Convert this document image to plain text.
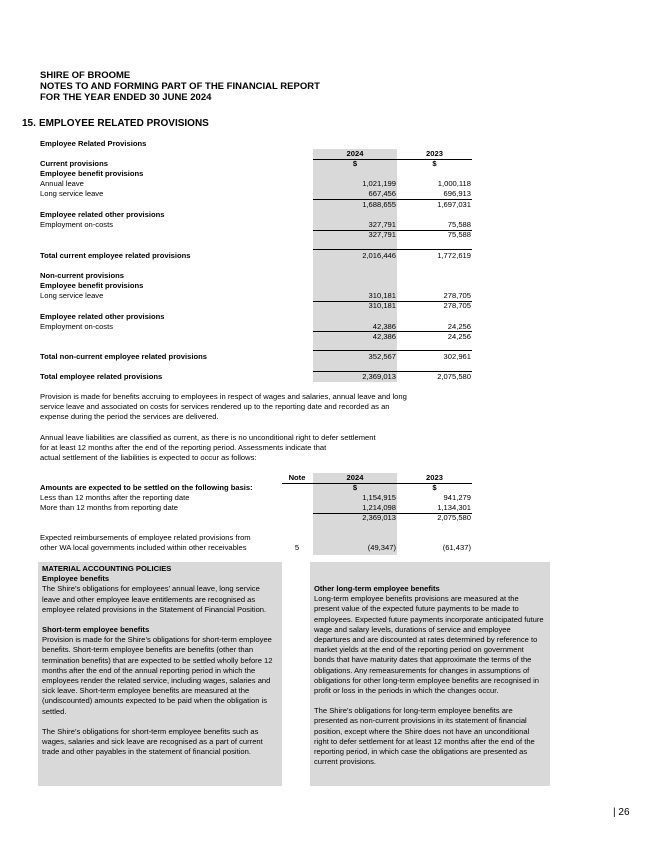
SHIRE OF BROOME
NOTES TO AND FORMING PART OF THE FINANCIAL REPORT
FOR THE YEAR ENDED 30 JUNE 2024
15. EMPLOYEE RELATED PROVISIONS
Employee Related Provisions
2024	2023
$	$
Current provisions
Employee benefit provisions
Annual leave	1,021,199	1,000,118
Long service leave	667,456	696,913
1,688,655	1,697,031
Employee related other provisions
Employment on-costs	327,791	75,588
327,791	75,588
Total current employee related provisions	2,016,446	1,772,619
Non-current provisions
Employee benefit provisions
Long service leave	310,181	278,705
310,181	278,705
Employee related other provisions
Employment on-costs	42,386	24,256
42,386	24,256
Total non-current employee related provisions	352,567	302,961
Total employee related provisions	2,369,013	2,075,580
Provision is made for benefits accruing to employees in respect of wages and salaries, annual leave and long service leave and associated on costs for services rendered up to the reporting date and recorded as an expense during the period the services are delivered.
Annual leave liabilities are classified as current, as there is no unconditional right to defer settlement
for at least 12 months after the end of the reporting period. Assessments indicate that
actual settlement of the liabilities is expected to occur as follows:
Note	2024	2023
Amounts are expected to be settled on the following basis:	$	$
Less than 12 months after the reporting date	1,154,915	941,279
More than 12 months from reporting date	1,214,098	1,134,301
2,369,013	2,075,580
Expected reimbursements of employee related provisions from
other WA local governments included within other receivables	5	(49,347)	(61,437)

MATERIAL ACCOUNTING POLICIES

Employee benefits

The Shire’s obligations for employees’ annual leave, long service leave and other employee leave entitlements are recognised as employee related provisions in the Statement of Financial Position.

Short-term employee benefits

Provision is made for the Shire’s obligations for short-term employee benefits. Short-term employee benefits are benefits (other than termination benefits) that are expected to be settled wholly before 12 months after the end of the annual reporting period in which the employees render the related service, including wages, salaries and sick leave. Short-term employee benefits are measured at the (undiscounted) amounts expected to be paid when the obligation is settled.

The Shire’s obligations for short-term employee benefits such as wages, salaries and sick leave are recognised as a part of current trade and other payables in the statement of financial position.

Other long-term employee benefits

Long-term employee benefits provisions are measured at the present value of the expected future payments to be made to employees. Expected future payments incorporate anticipated future wage and salary levels, durations of service and employee departures and are discounted at rates determined by reference to market yields at the end of the reporting period on government bonds that have maturity dates that approximate the terms of the obligations. Any remeasurements for changes in assumptions of obligations for other long-term employee benefits are recognised in profit or loss in the periods in which the changes occur.

The Shire’s obligations for long-term employee benefits are presented as non-current provisions in its statement of financial position, except where the Shire does not have an unconditional right to defer settlement for at least 12 months after the end of the reporting period, in which case the obligations are presented as current provisions.

| 26
